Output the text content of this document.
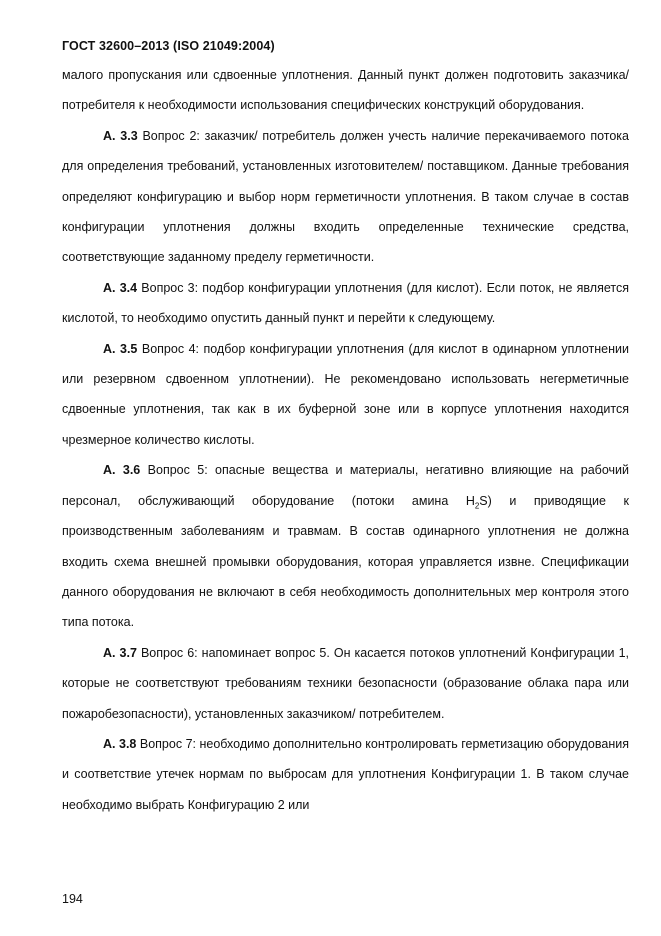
ГОСТ 32600–2013 (ISO 21049:2004)

малого пропускания или сдвоенные уплотнения. Данный пункт должен подготовить заказчика/ потребителя к необходимости использования специфических конструкций оборудования.

А. 3.3 Вопрос 2: заказчик/ потребитель должен учесть наличие перекачиваемого потока для определения требований, установленных изготовителем/ поставщиком. Данные требования определяют конфигурацию и выбор норм герметичности уплотнения. В таком случае в состав конфигурации уплотнения должны входить определенные технические средства, соответствующие заданному пределу герметичности.

А. 3.4 Вопрос 3: подбор конфигурации уплотнения (для кислот). Если поток, не является кислотой, то необходимо опустить данный пункт и перейти к следующему.

А. 3.5 Вопрос 4: подбор конфигурации уплотнения (для кислот в одинарном уплотнении или резервном сдвоенном уплотнении). Не рекомендовано использовать негерметичные сдвоенные уплотнения, так как в их буферной зоне или в корпусе уплотнения находится чрезмерное количество кислоты.

А. 3.6 Вопрос 5: опасные вещества и материалы, негативно влияющие на рабочий персонал, обслуживающий оборудование (потоки амина $H_2S$) и приводящие к производственным заболеваниям и травмам. В состав одинарного уплотнения не должна входить схема внешней промывки оборудования, которая управляется извне. Спецификации данного оборудования не включают в себя необходимость дополнительных мер контроля этого типа потока.

А. 3.7 Вопрос 6: напоминает вопрос 5. Он касается потоков уплотнений Конфигурации 1, которые не соответствуют требованиям техники безопасности (образование облака пара или пожаробезопасности), установленных заказчиком/ потребителем.

А. 3.8 Вопрос 7: необходимо дополнительно контролировать герметизацию оборудования и соответствие утечек нормам по выбросам для уплотнения Конфигурации 1. В таком случае необходимо выбрать Конфигурацию 2 или

194
